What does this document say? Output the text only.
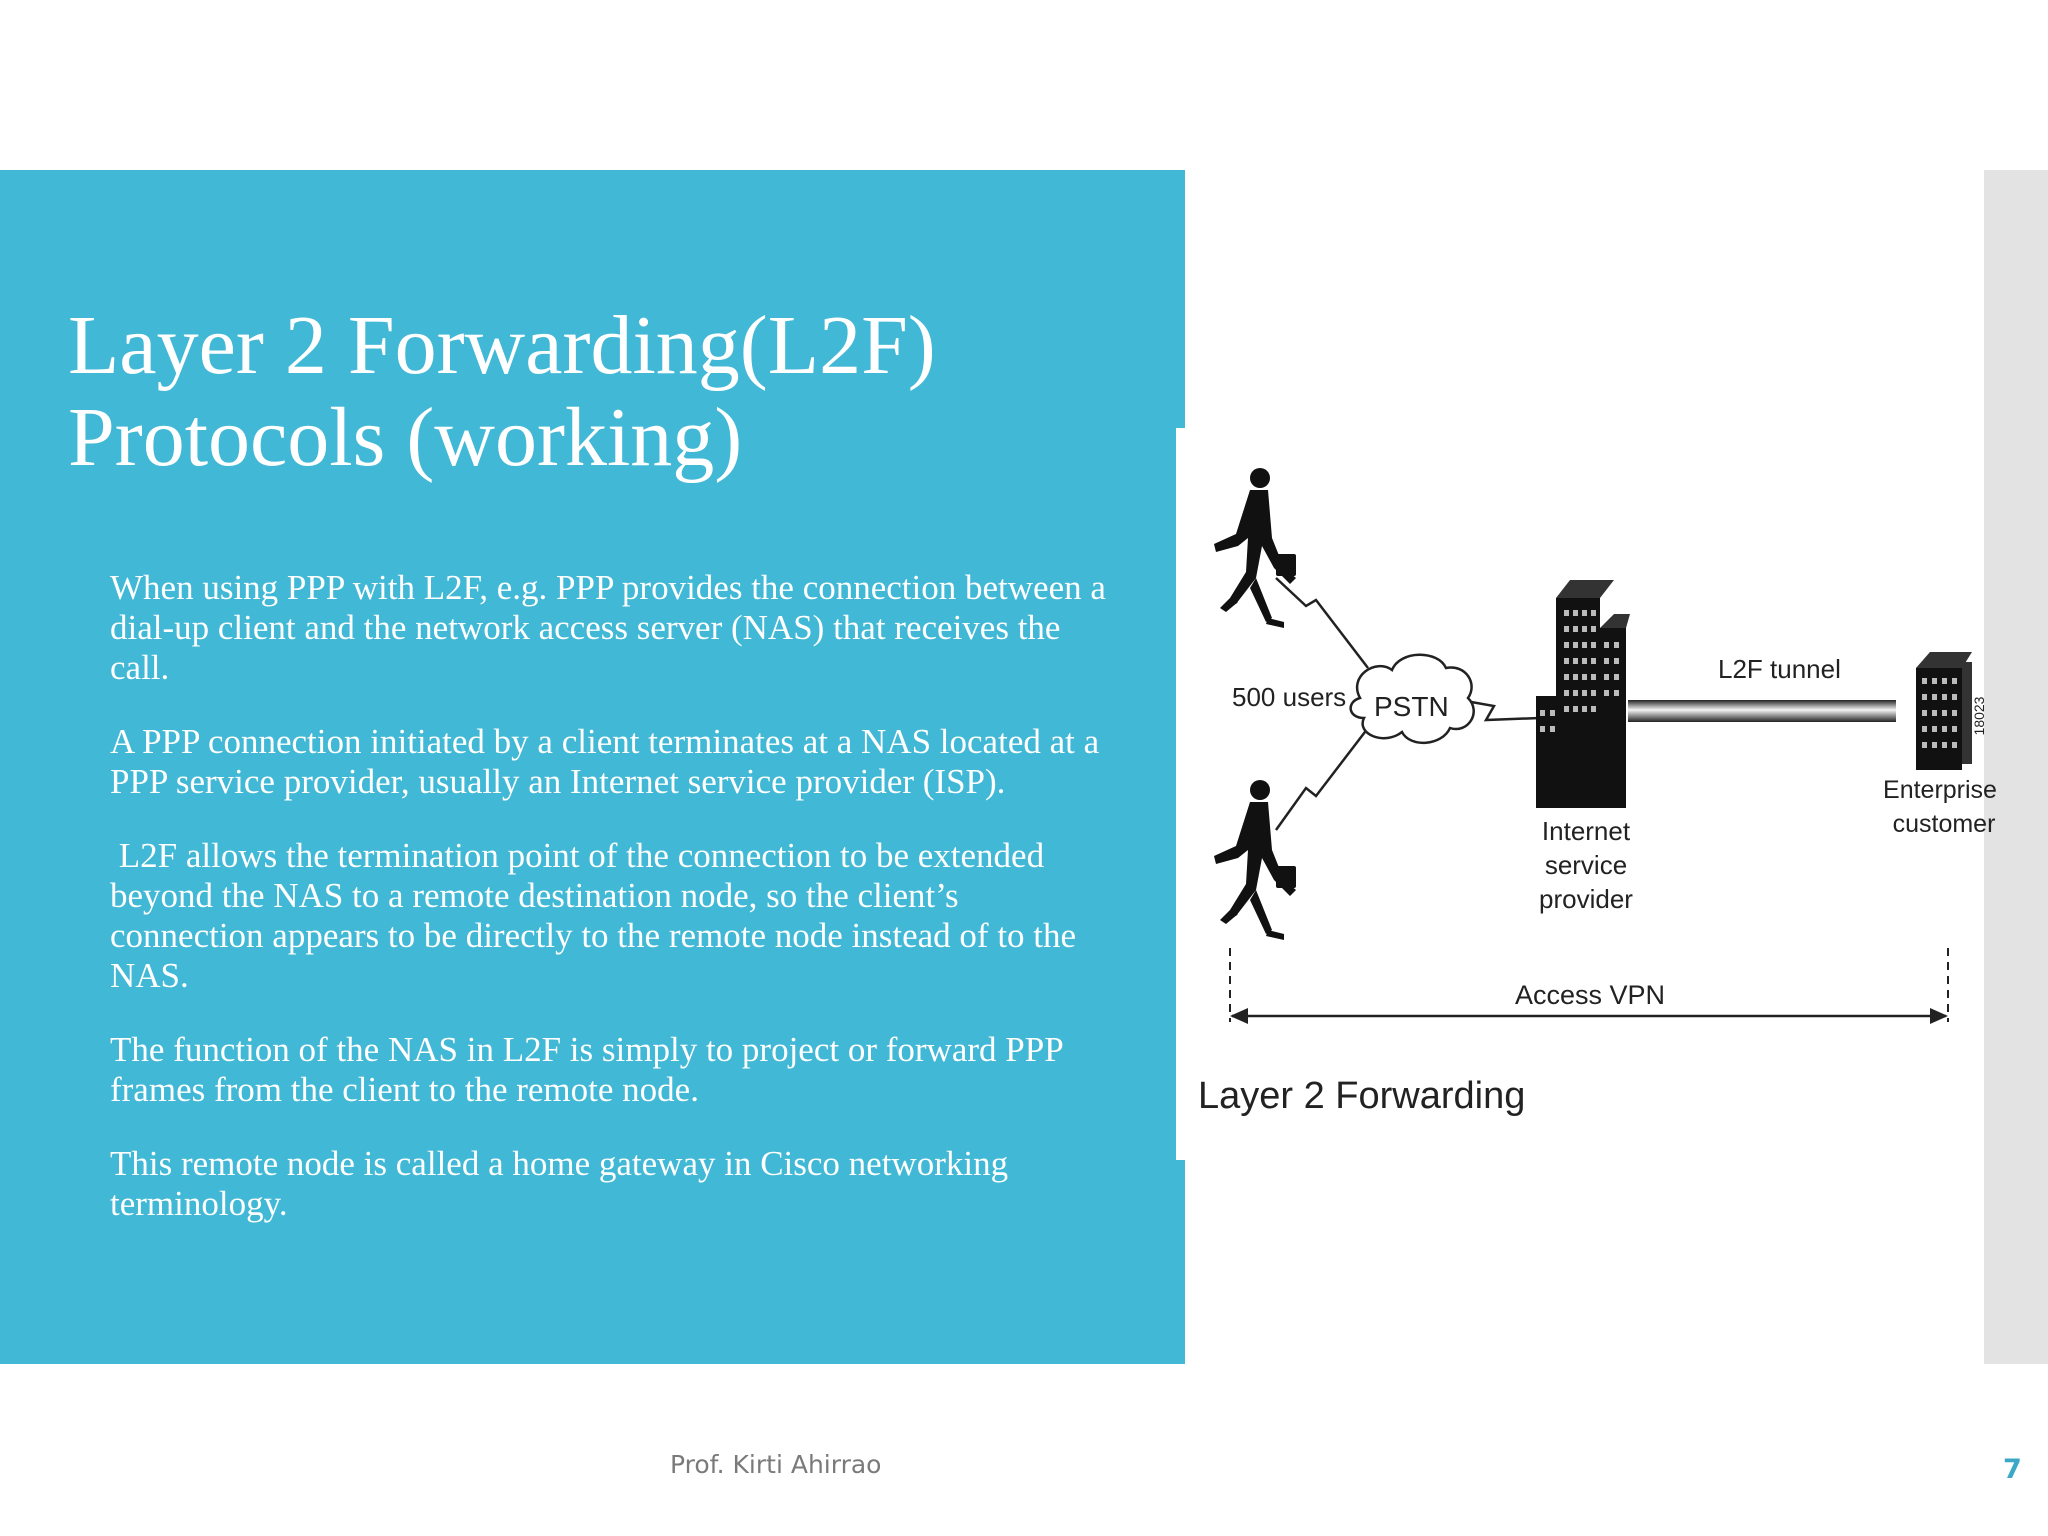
Layer 2 Forwarding(L2F)
Protocols (working)

When using PPP with L2F, e.g. PPP provides the connection between a dial-up client and the network access server (NAS) that receives the call.

A PPP connection initiated by a client terminates at a NAS located at a PPP service provider, usually an Internet service provider (ISP).

L2F allows the termination point of the connection to be extended beyond the NAS to a remote destination node, so the client’s connection appears to be directly to the remote node instead of to the NAS.

The function of the NAS in L2F is simply to project or forward PPP frames from the client to the remote node.

This remote node is called a home gateway in Cisco networking terminology.

PSTN
500 users
Internet
service
provider
L2F tunnel
Enterprise
customer
18023
Access VPN
Layer 2 Forwarding
Prof. Kirti Ahirrao	7
